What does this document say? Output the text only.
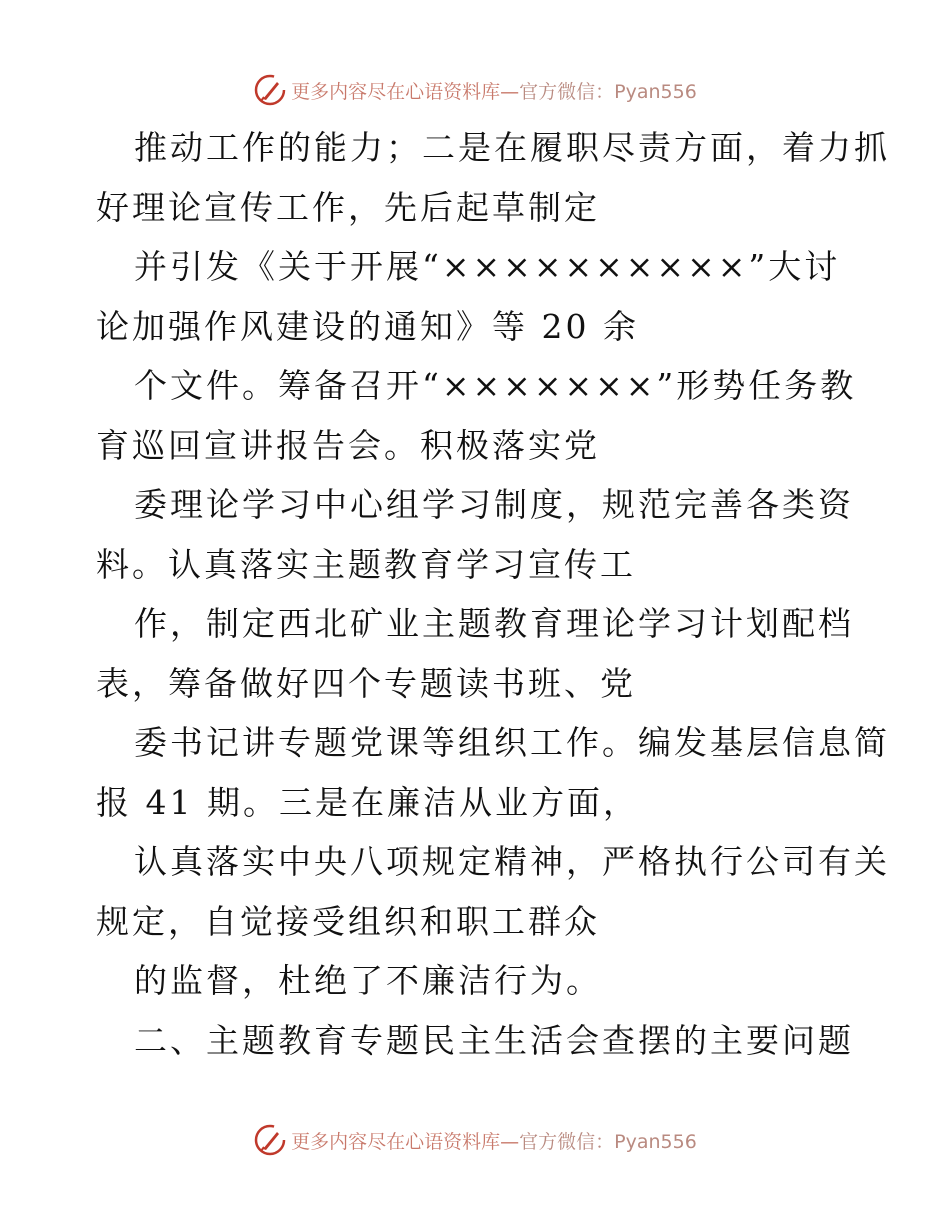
更多内容尽在心语资料库—官方微信：Pyan556

推动工作的能力；二是在履职尽责方面，着力抓
好理论宣传工作，先后起草制定

并引发《关于开展“××××××××××”大讨
论加强作风建设的通知》等 20 余

个文件。筹备召开“×××××××”形势任务教
育巡回宣讲报告会。积极落实党

委理论学习中心组学习制度，规范完善各类资
料。认真落实主题教育学习宣传工

作，制定西北矿业主题教育理论学习计划配档
表，筹备做好四个专题读书班、党

委书记讲专题党课等组织工作。编发基层信息简
报 41 期。三是在廉洁从业方面，

认真落实中央八项规定精神，严格执行公司有关
规定，自觉接受组织和职工群众

的监督，杜绝了不廉洁行为。

二、主题教育专题民主生活会查摆的主要问题

更多内容尽在心语资料库—官方微信：Pyan556
